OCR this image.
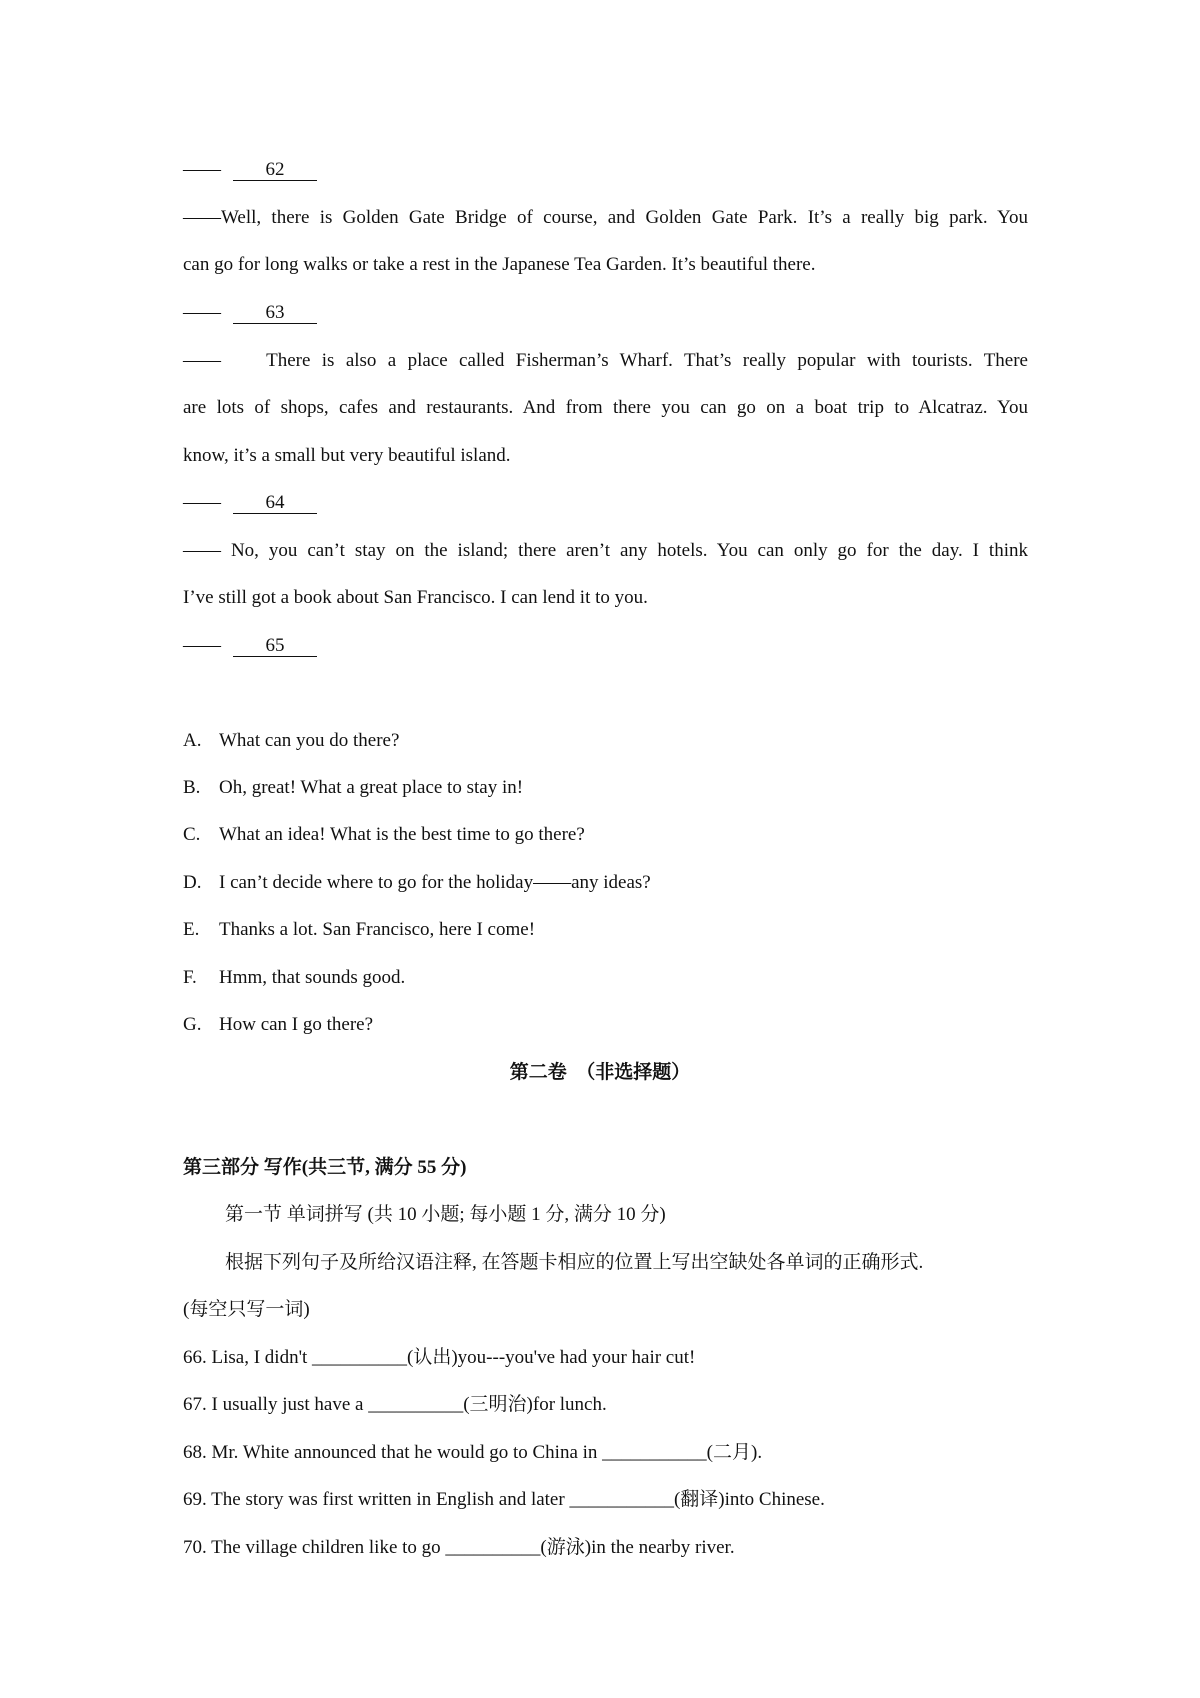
—— 62
——Well, there is Golden Gate Bridge of course, and Golden Gate Park. It’s a really big park. You
can go for long walks or take a rest in the Japanese Tea Garden. It’s beautiful there.
—— 63
——    There is also a place called Fisherman’s Wharf. That’s really popular with tourists. There
are lots of shops, cafes and restaurants. And from there you can go on a boat trip to Alcatraz. You
know, it’s a small but very beautiful island.
—— 64
—— No, you can’t stay on the island; there aren’t any hotels. You can only go for the day. I think
I’ve still got a book about San Francisco. I can lend it to you.
—— 65
A. What can you do there?
B. Oh, great! What a great place to stay in!
C. What an idea! What is the best time to go there?
D. I can’t decide where to go for the holiday——any ideas?
E. Thanks a lot. San Francisco, here I come!
F. Hmm, that sounds good.
G. How can I go there?
第二卷　（非选择题）
第三部分 写作(共三节, 满分 55 分)
第一节 单词拼写 (共 10 小题; 每小题 1 分, 满分 10 分)
根据下列句子及所给汉语注释, 在答题卡相应的位置上写出空缺处各单词的正确形式.
(每空只写一词)
66. Lisa, I didn't __________(认出)you---you've had your hair cut!
67. I usually just have a __________(三明治)for lunch.
68. Mr. White announced that he would go to China in ___________(二月).
69. The story was first written in English and later ___________(翻译)into Chinese.
70. The village children like to go __________(游泳)in the nearby river.
